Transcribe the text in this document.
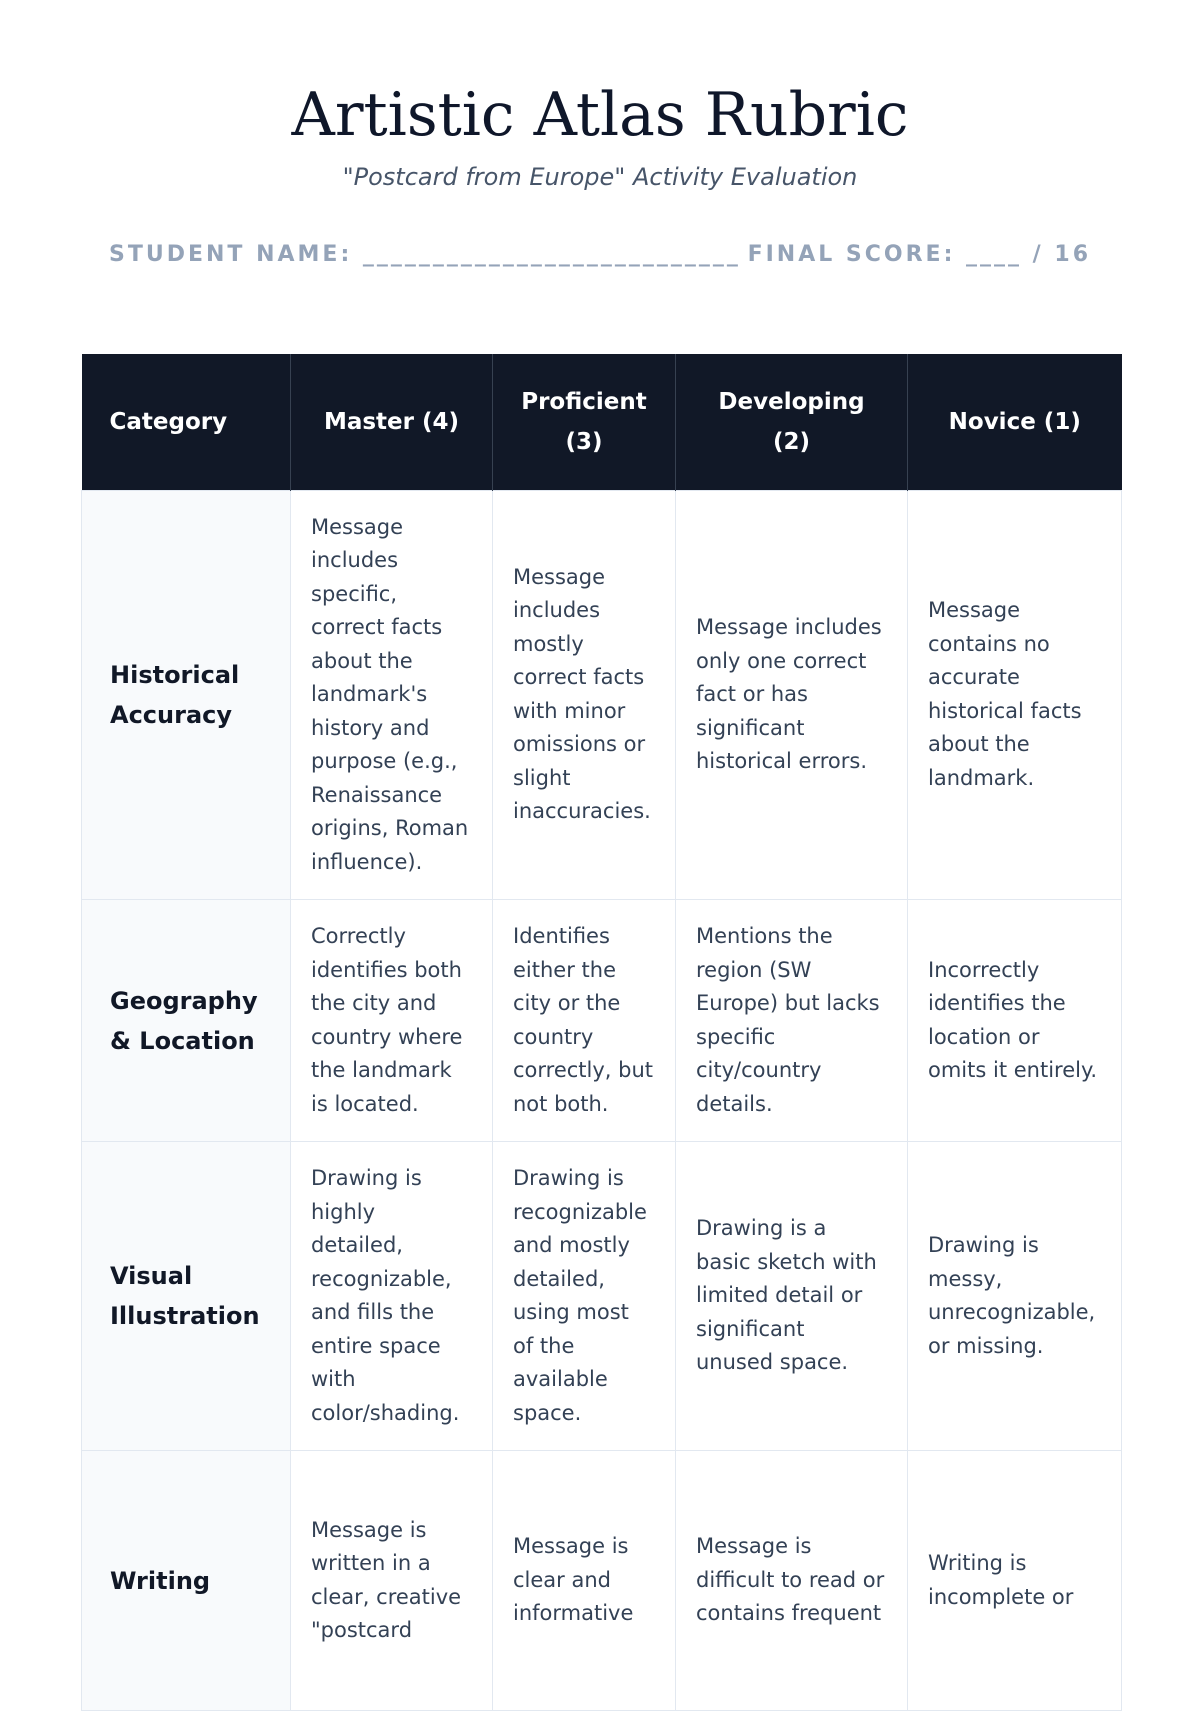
Artistic Atlas Rubric
"Postcard from Europe" Activity Evaluation
STUDENT NAME: ___________________________ FINAL SCORE: ____ / 16
Category	Master (4)	Proficient (3)	Developing (2)	Novice (1)
Historical Accuracy	Message includes specific, correct facts about the landmark's history and purpose (e.g., Renaissance origins, Roman influence).	Message includes mostly correct facts with minor omissions or slight inaccuracies.	Message includes only one correct fact or has significant historical errors.	Message contains no accurate historical facts about the landmark.
Geography & Location	Correctly identifies both the city and country where the landmark is located.	Identifies either the city or the country correctly, but not both.	Mentions the region (SW Europe) but lacks specific city/country details.	Incorrectly identifies the location or omits it entirely.
Visual Illustration	Drawing is highly detailed, recognizable, and fills the entire space with color/shading.	Drawing is recognizable and mostly detailed, using most of the available space.	Drawing is a basic sketch with limited detail or significant unused space.	Drawing is messy, unrecognizable, or missing.
Writing	Message is written in a clear, creative "postcard	Message is clear and informative	Message is difficult to read or contains frequent	Writing is incomplete or
